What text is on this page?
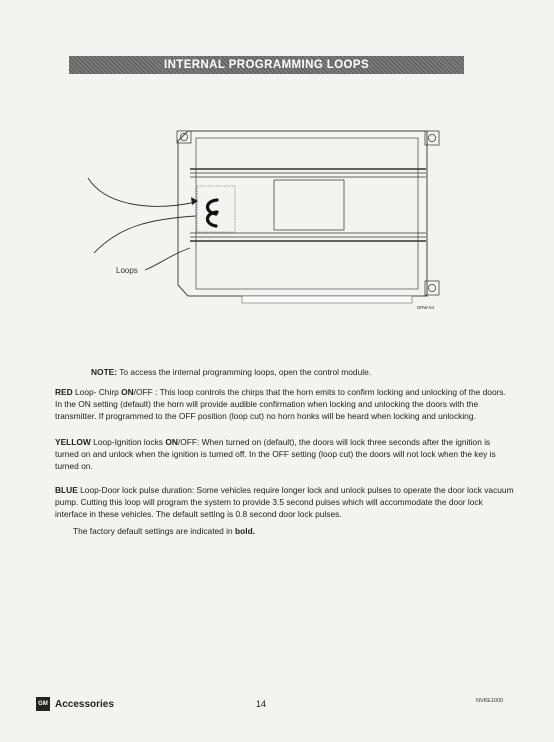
INTERNAL PROGRAMMING LOOPS
Loops
DRW-54
NOTE: To access the internal programming loops, open the control module.
RED Loop- Chirp ON/OFF : This loop controls the chirps that the horn emits to confirm locking and unlocking of the doors. In the ON setting (default) the horn will provide audible confirmation when locking and unlocking the doors with the transmitter. If programmed to the OFF position (loop cut) no horn honks will be heard when locking and unlocking.
YELLOW Loop-Ignition locks ON/OFF: When turned on (default), the doors will lock three seconds after the ignition is turned on and unlock when the ignition is turned off. In the OFF setting (loop cut) the doors will not lock when the key is turned on.
BLUE Loop-Door lock pulse duration: Some vehicles require longer lock and unlock pulses to operate the door lock vacuum pump. Cutting this loop will program the system to provide 3.5 second pulses which will accommodate the door lock interface in these vehicles. The default setting is 0.8 second door lock pulses.
The factory default settings are indicated in bold.
GM Accessories	14	NVKE1000
